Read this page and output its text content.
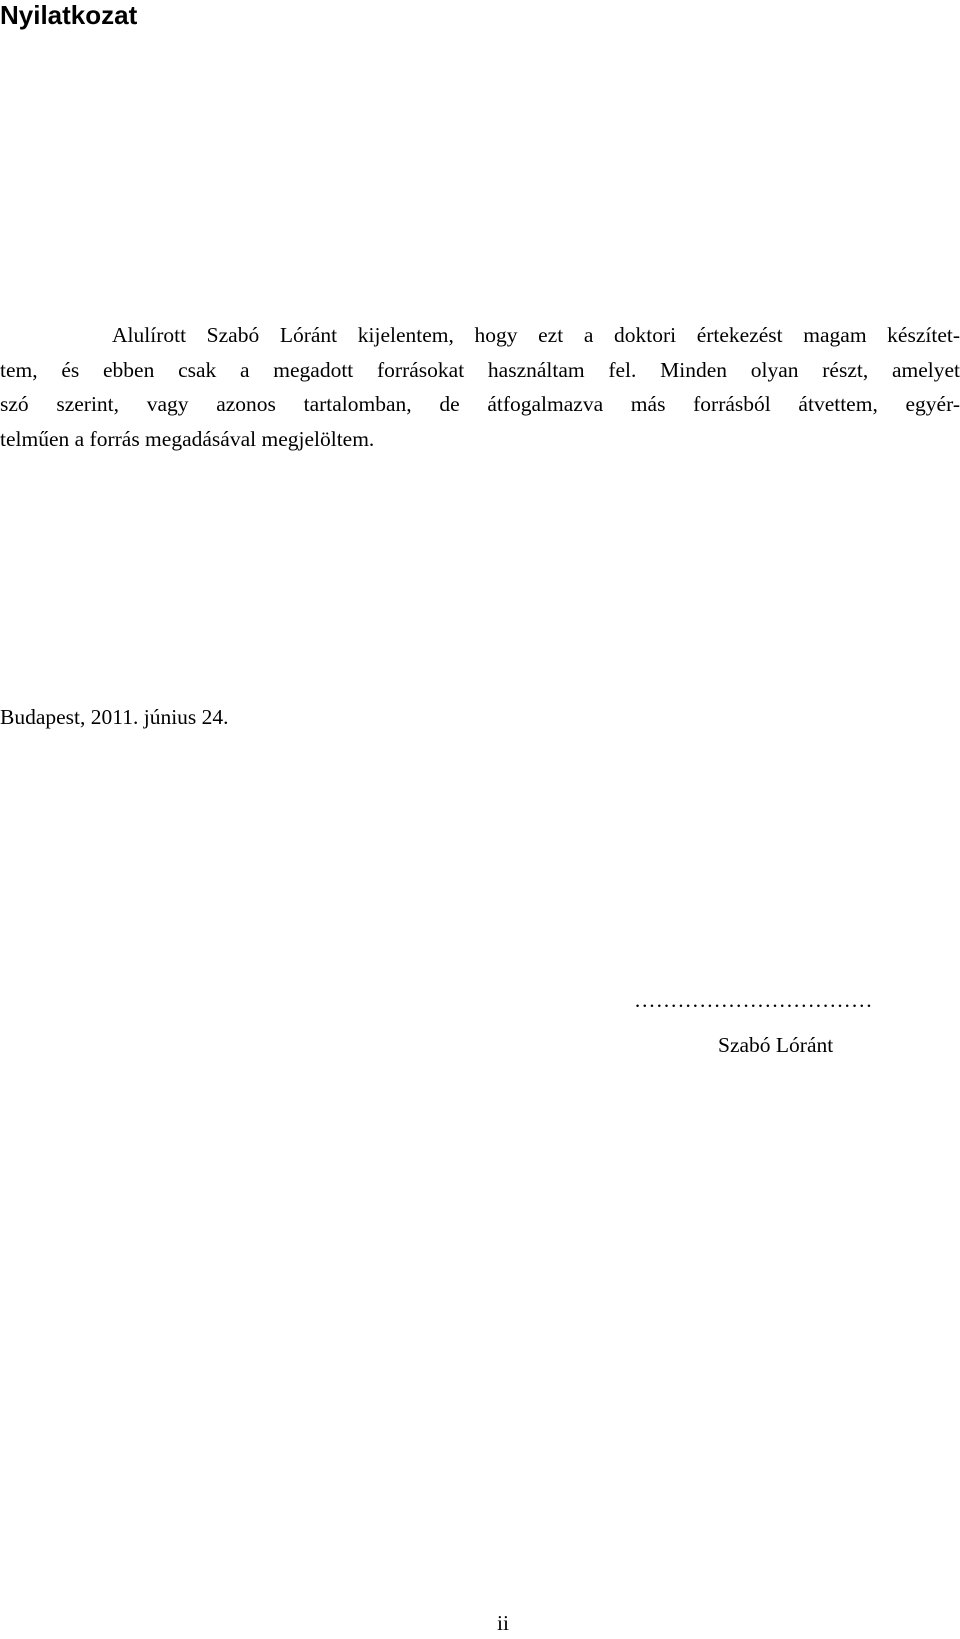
Nyilatkozat
Alulírott Szabó Lóránt kijelentem, hogy ezt a doktori értekezést magam készítet-
tem, és ebben csak a megadott forrásokat használtam fel. Minden olyan részt, amelyet
szó szerint, vagy azonos tartalomban, de átfogalmazva más forrásból átvettem, egyér-
telműen a forrás megadásával megjelöltem.
Budapest, 2011. június 24.
……………………………
Szabó Lóránt
ii
